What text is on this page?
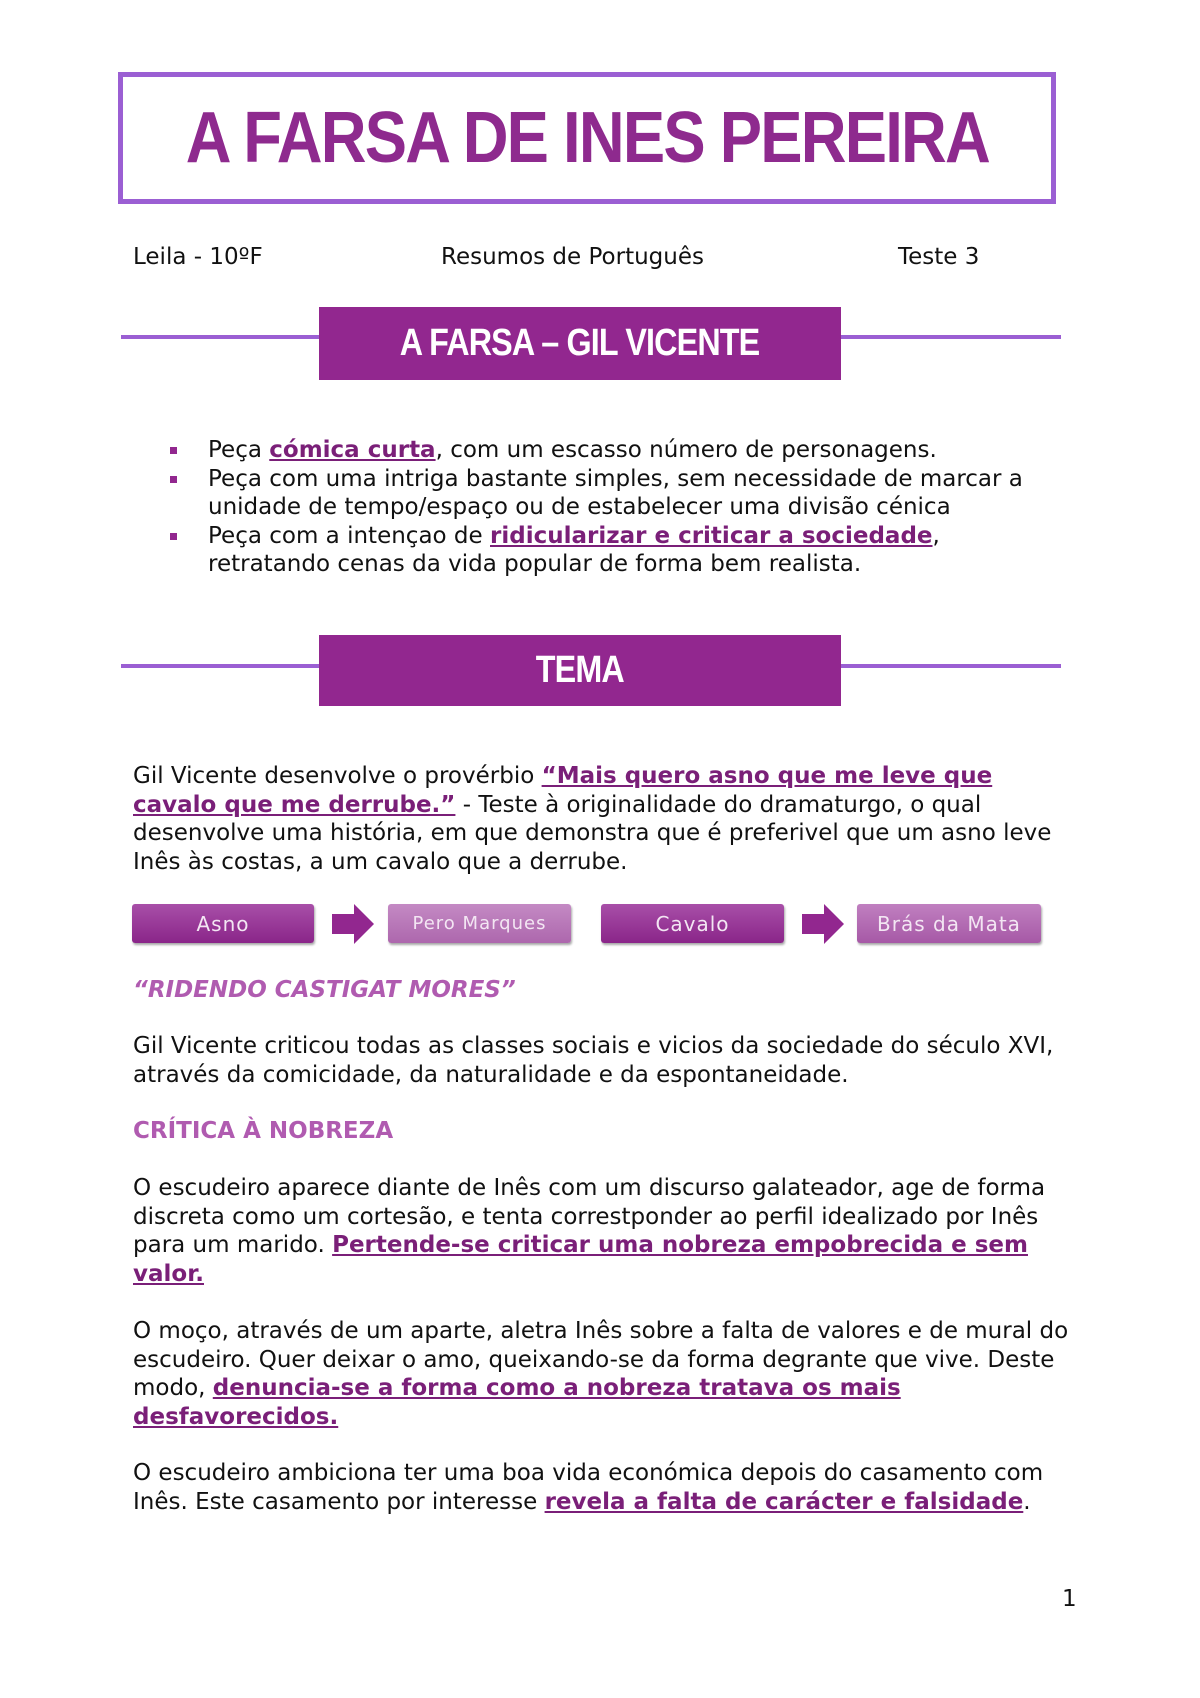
A FARSA DE INES PEREIRA
Leila - 10ºF	Resumos de Português	Teste 3
A FARSA – GIL VICENTE
Peça cómica curta, com um escasso número de personagens.
Peça com uma intriga bastante simples, sem necessidade de marcar a unidade de tempo/espaço ou de estabelecer uma divisão cénica
Peça com a intençao de ridicularizar e criticar a sociedade, retratando cenas da vida popular de forma bem realista.
TEMA

Gil Vicente desenvolve o provérbio “Mais quero asno que me leve que cavalo que me derrube.” - Teste à originalidade do dramaturgo, o qual desenvolve uma história, em que demonstra que é preferivel que um asno leve Inês às costas, a um cavalo que a derrube.

Asno	Pero Marques	Cavalo	Brás da Mata
“RIDENDO CASTIGAT MORES”

Gil Vicente criticou todas as classes sociais e vicios da sociedade do século XVI, através da comicidade, da naturalidade e da espontaneidade.

CRÍTICA À NOBREZA

O escudeiro aparece diante de Inês com um discurso galateador, age de forma discreta como um cortesão, e tenta correstponder ao perfil idealizado por Inês para um marido. Pertende-se criticar uma nobreza empobrecida e sem valor.

O moço, através de um aparte, aletra Inês sobre a falta de valores e de mural do escudeiro. Quer deixar o amo, queixando-se da forma degrante que vive. Deste modo, denuncia-se a forma como a nobreza tratava os mais desfavorecidos.

O escudeiro ambiciona ter uma boa vida económica depois do casamento com Inês. Este casamento por interesse revela a falta de carácter e falsidade.

1
